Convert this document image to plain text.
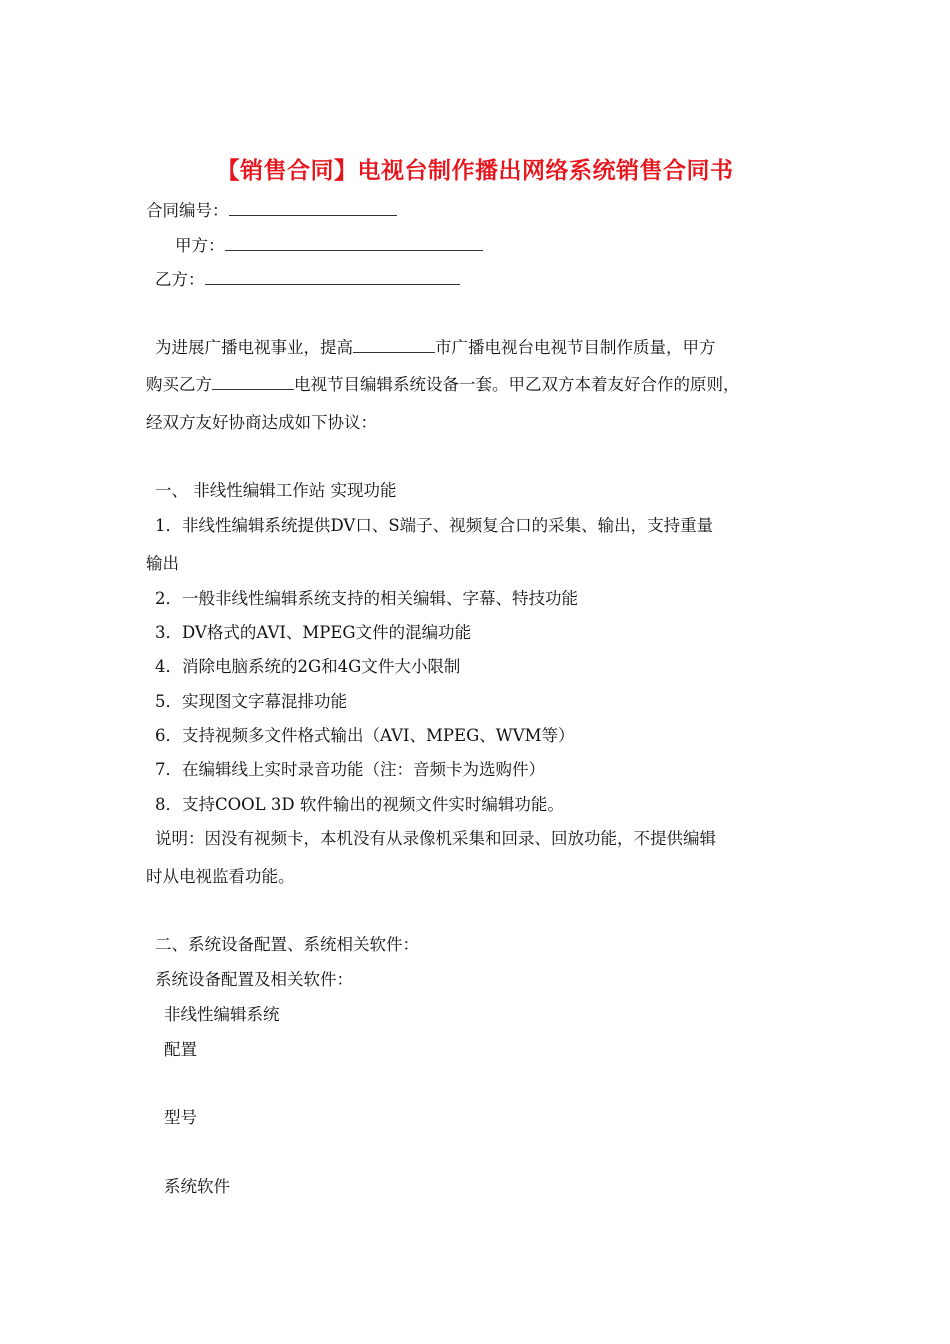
【销售合同】电视台制作播出网络系统销售合同书
合同编号：
甲方：
乙方：
为进展广播电视事业，提高	市广播电视台电视节目制作质量，甲方
购买乙方	电视节目编辑系统设备一套。甲乙双方本着友好合作的原则，
经双方友好协商达成如下协议：
一、 非线性编辑工作站 实现功能
1．非线性编辑系统提供DV口、S端子、视频复合口的采集、输出，支持重量
输出
2．一般非线性编辑系统支持的相关编辑、字幕、特技功能
3．DV格式的AVI、MPEG文件的混编功能
4．消除电脑系统的2G和4G文件大小限制
5．实现图文字幕混排功能
6．支持视频多文件格式输出（AVI、MPEG、WVM等）
7．在编辑线上实时录音功能（注：音频卡为选购件）
8．支持COOL 3D 软件输出的视频文件实时编辑功能。
说明：因没有视频卡，本机没有从录像机采集和回录、回放功能，不提供编辑
时从电视监看功能。
二、系统设备配置、系统相关软件：
系统设备配置及相关软件：
非线性编辑系统
配置
型号
系统软件
